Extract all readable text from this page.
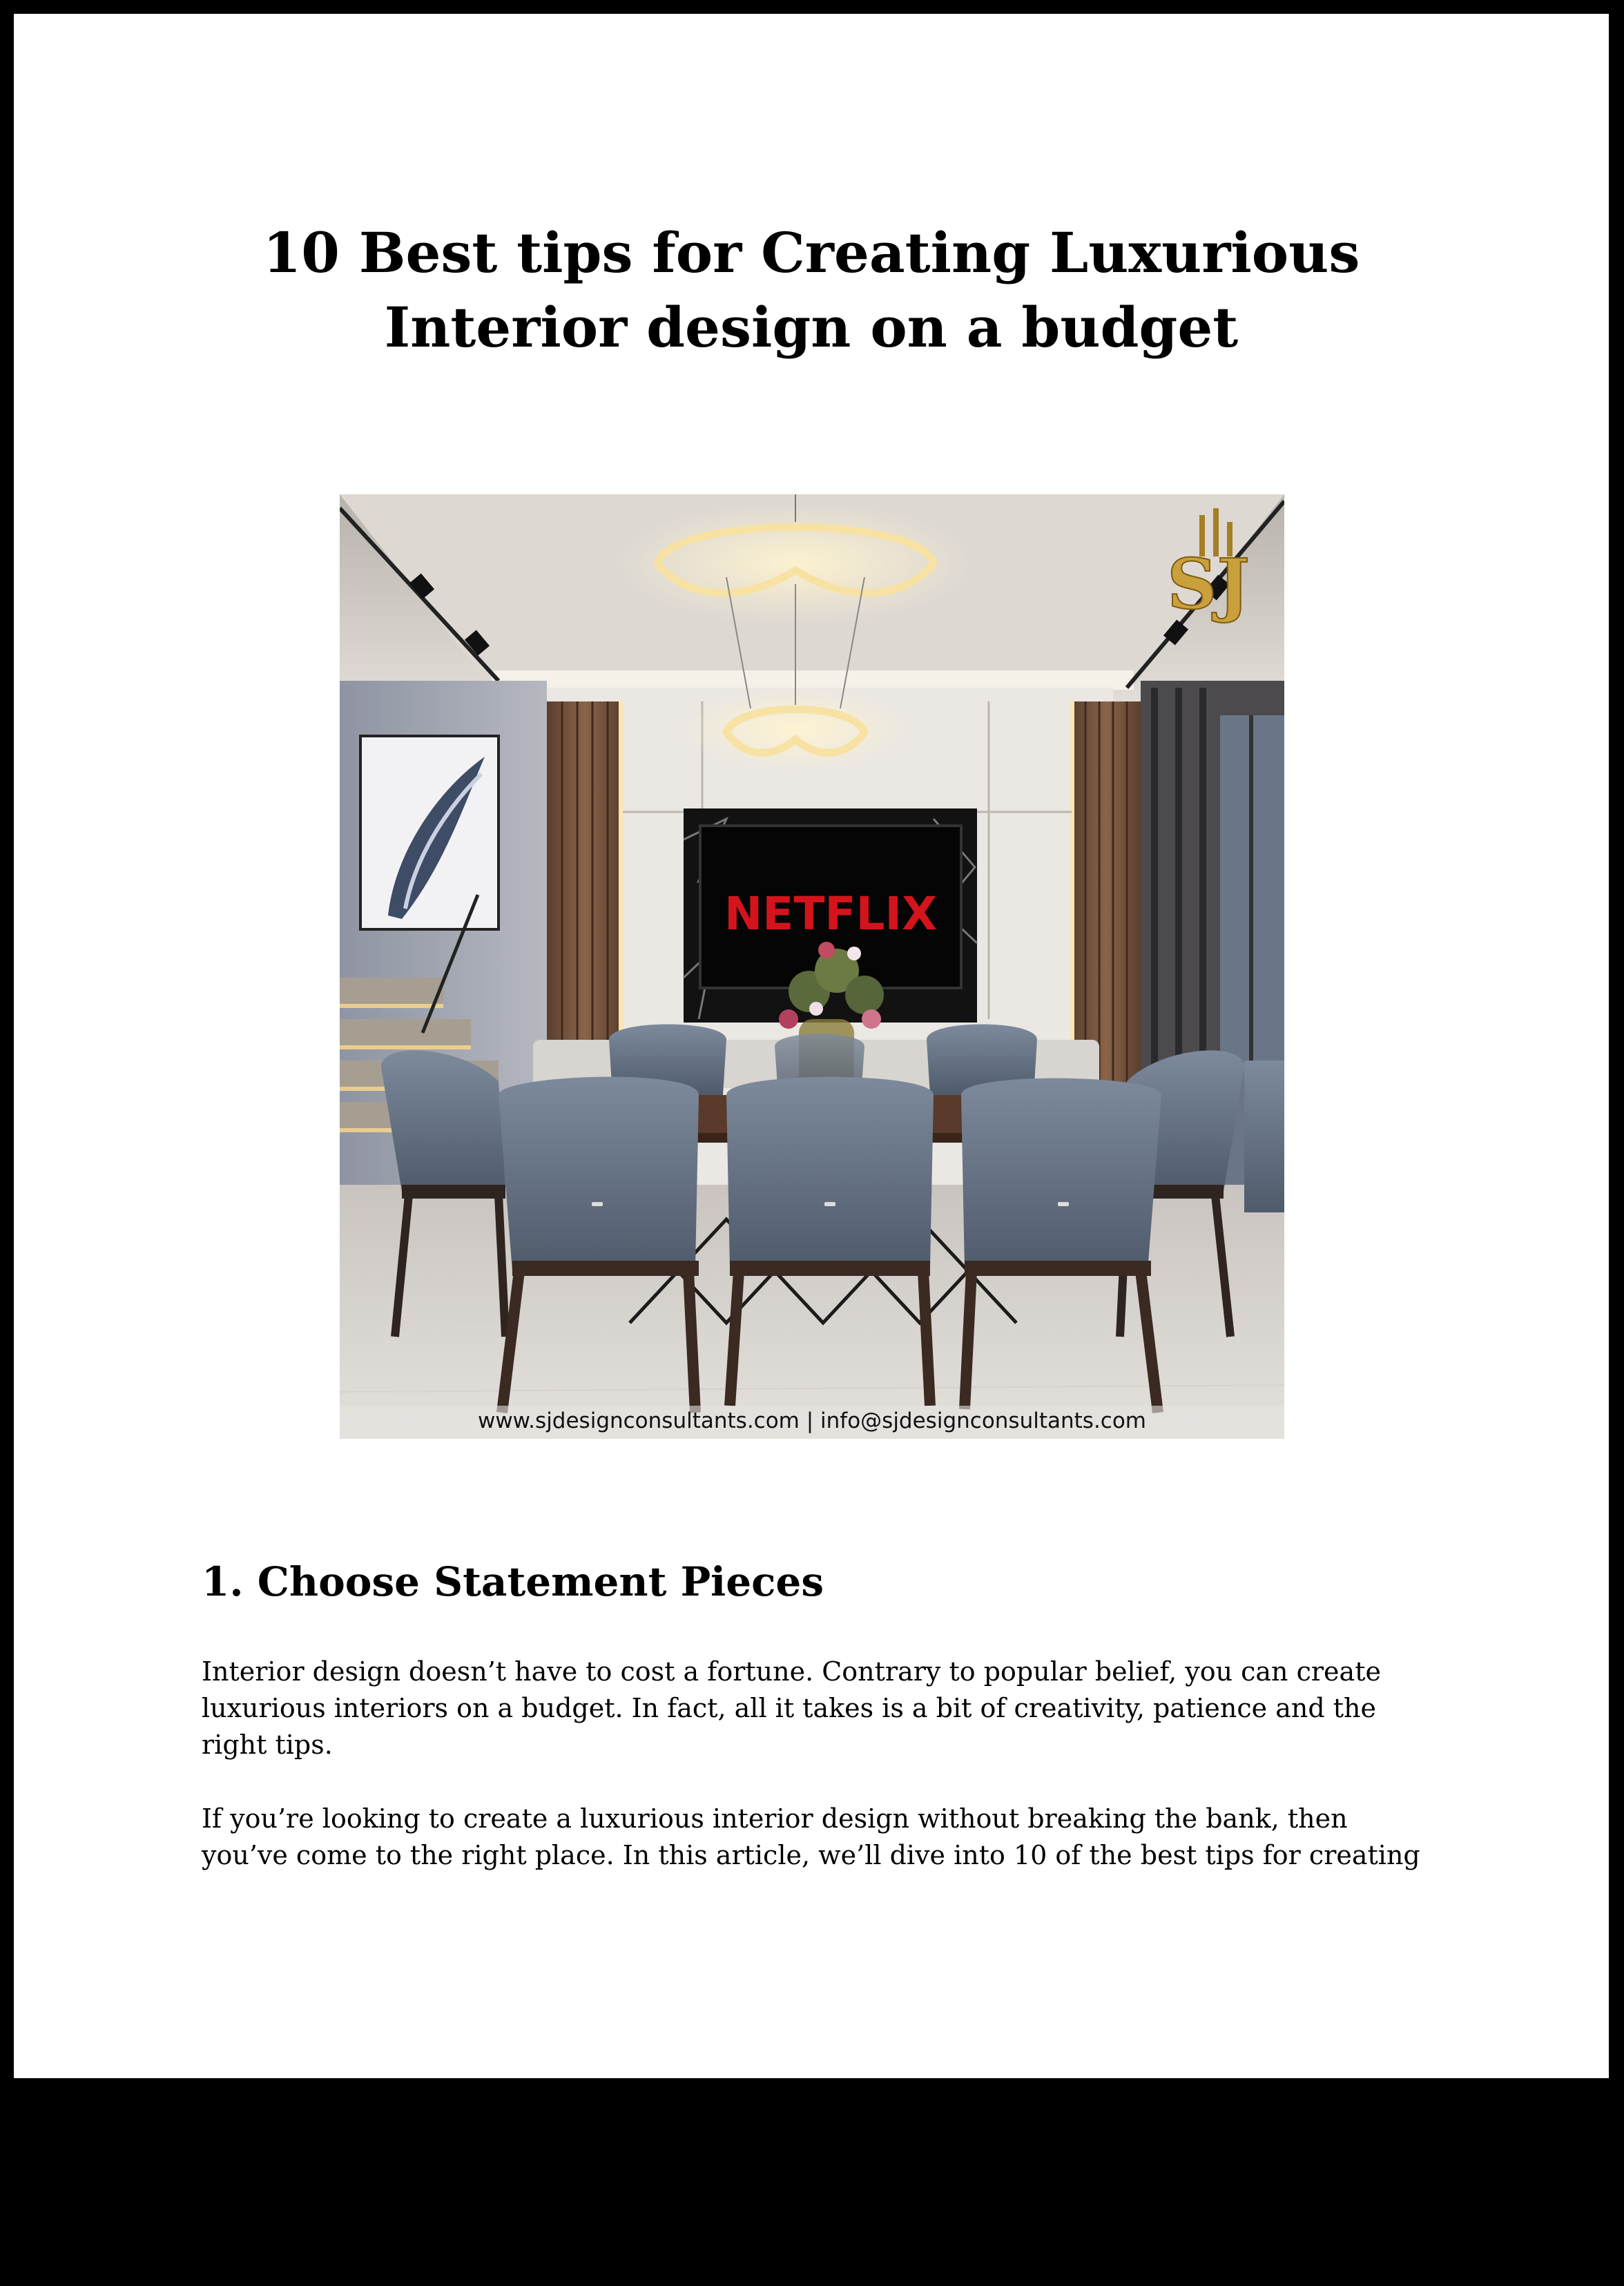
10 Best tips for Creating Luxurious
Interior design on a budget
NETFLIX
SJ
www.sjdesignconsultants.com | info@sjdesignconsultants.com
1. Choose Statement Pieces
Interior design doesn’t have to cost a fortune. Contrary to popular belief, you can create
luxurious interiors on a budget. In fact, all it takes is a bit of creativity, patience and the
right tips.
If you’re looking to create a luxurious interior design without breaking the bank, then
you’ve come to the right place. In this article, we’ll dive into 10 of the best tips for creating
